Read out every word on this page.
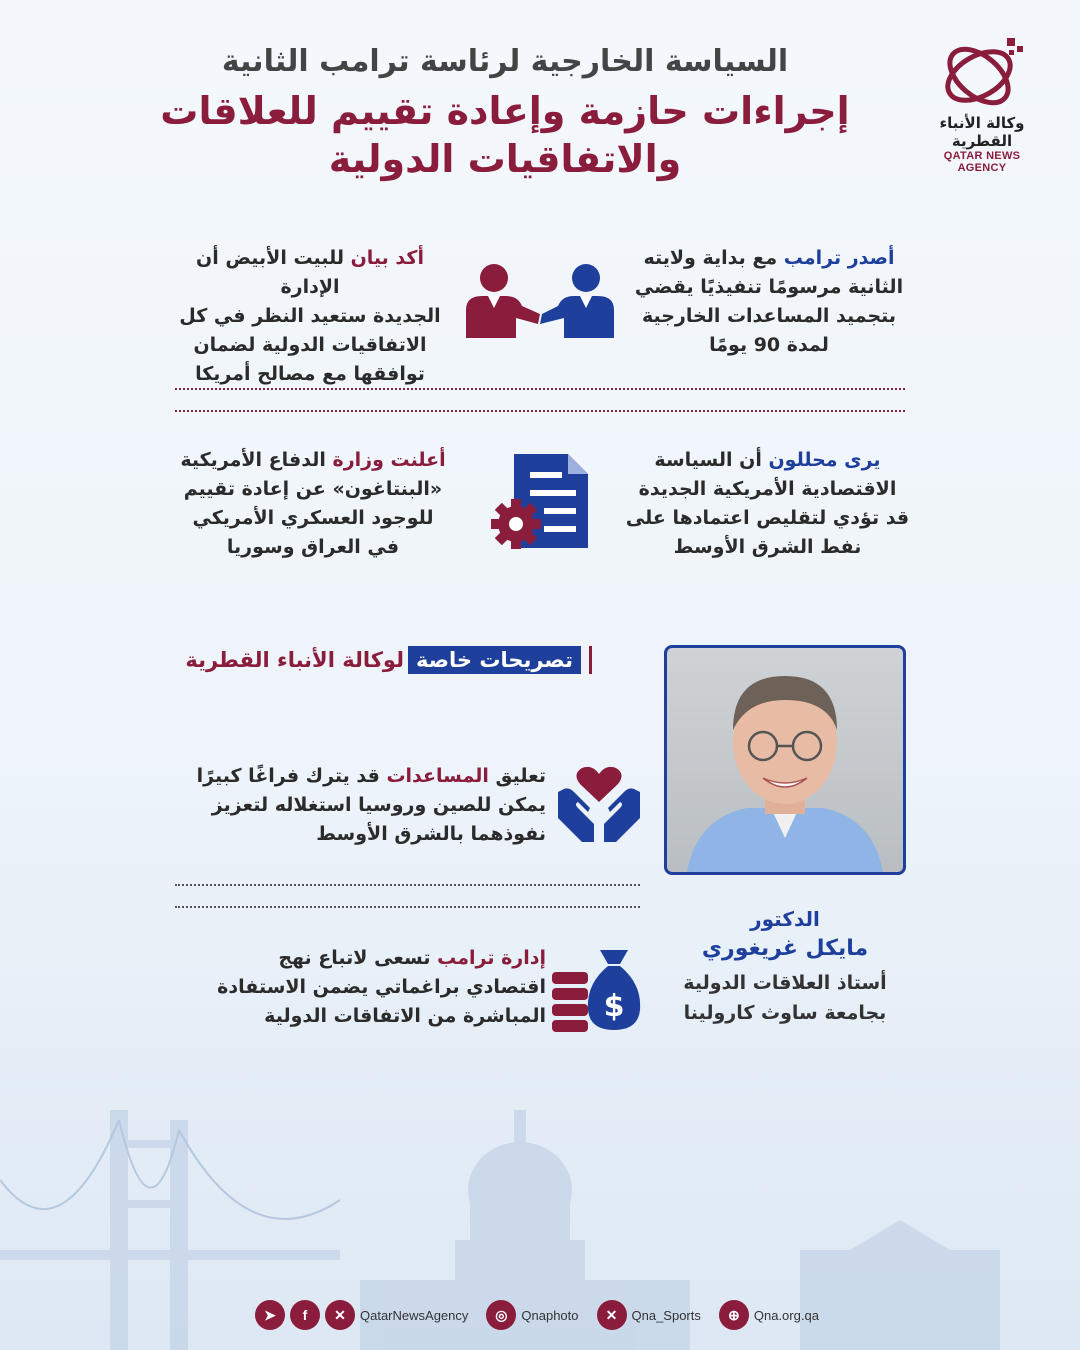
وكالة الأنباء القطرية
QATAR NEWS AGENCY
السياسة الخارجية لرئاسة ترامب الثانية
إجراءات حازمة وإعادة تقييم للعلاقات
والاتفاقيات الدولية
أصدر ترامب مع بداية ولايته
الثانية مرسومًا تنفيذيًا يقضي
بتجميد المساعدات الخارجية
لمدة 90 يومًا
أكد بيان للبيت الأبيض أن الإدارة
الجديدة ستعيد النظر في كل
الاتفاقيات الدولية لضمان
توافقها مع مصالح أمريكا
يرى محللون أن السياسة
الاقتصادية الأمريكية الجديدة
قد تؤدي لتقليص اعتمادها على
نفط الشرق الأوسط
أعلنت وزارة الدفاع الأمريكية
«البنتاغون» عن إعادة تقييم
للوجود العسكري الأمريكي
في العراق وسوريا
تصريحات خاصة
لوكالة الأنباء القطرية
تعليق المساعدات قد يترك فراغًا كبيرًا
يمكن للصين وروسيا استغلاله لتعزيز
نفوذهما بالشرق الأوسط
الدكتور
مايكل غريغوري
أستاذ العلاقات الدولية
بجامعة ساوث كارولينا
إدارة ترامب تسعى لاتباع نهج
اقتصادي براغماتي يضمن الاستفادة
المباشرة من الاتفاقات الدولية $
➤	f	✕	QatarNewsAgency	◎	Qnaphoto	✕	Qna_Sports	⊕	Qna.org.qa
